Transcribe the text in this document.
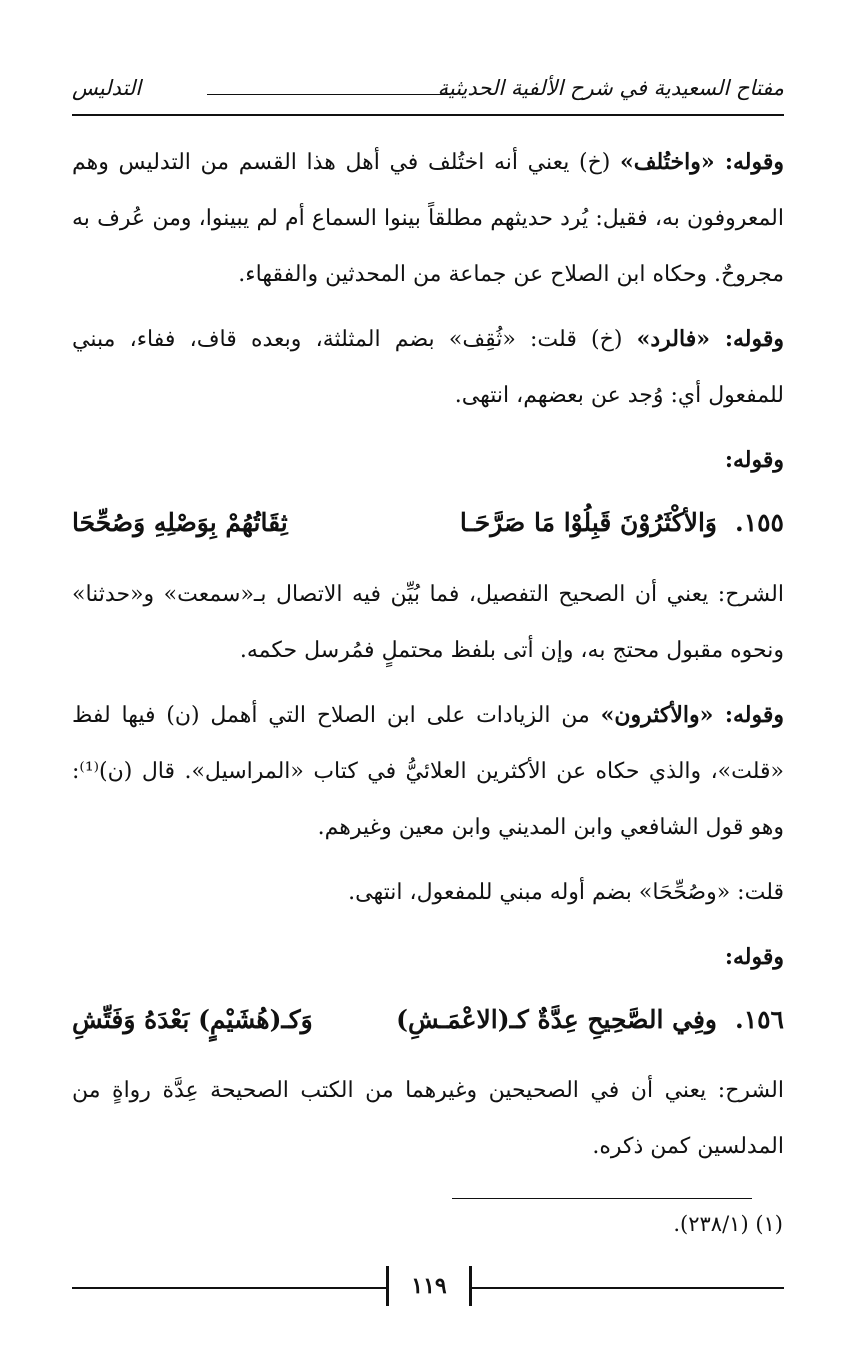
مفتاح السعيدية في شرح الألفية الحديثية
التدليس

وقوله: «واختُلف» (خ) يعني أنه اختُلف في أهل هذا القسم من التدليس وهم المعروفون به، فقيل: يُرد حديثهم مطلقاً بينوا السماع أم لم يبينوا، ومن عُرف به مجروحٌ. وحكاه ابن الصلاح عن جماعة من المحدثين والفقهاء.

وقوله: «فالرد» (خ) قلت: «ثُقِف» بضم المثلثة، وبعده قاف، ففاء، مبني للمفعول أي: وُجد عن بعضهم، انتهى.

وقوله:
١٥٥.وَالأكْثَرُوْنَ قَبِلُوْا مَا صَرَّحَـا
ثِقَاتُهُمْ بِوَصْلِهِ وَصُحِّحَا

الشرح: يعني أن الصحيح التفصيل، فما بُيِّن فيه الاتصال بـ«سمعت» و«حدثنا» ونحوه مقبول محتج به، وإن أتى بلفظ محتملٍ فمُرسل حكمه.

وقوله: «والأكثرون» من الزيادات على ابن الصلاح التي أهمل (ن) فيها لفظ «قلت»، والذي حكاه عن الأكثرين العلائيُّ في كتاب «المراسيل». قال (ن)⁽¹⁾: وهو قول الشافعي وابن المديني وابن معين وغيرهم.

قلت: «وصُحِّحَا» بضم أوله مبني للمفعول، انتهى.

وقوله:
١٥٦.وفِي الصَّحِيحِ عِدَّةٌ كـ(الاعْمَـشِ)
وَكـ(هُشَيْمٍ) بَعْدَهُ وَفَتِّشِ

الشرح: يعني أن في الصحيحين وغيرهما من الكتب الصحيحة عِدَّة رواةٍ من المدلسين كمن ذكره.

(١) (٢٣٨/١).
١١٩
